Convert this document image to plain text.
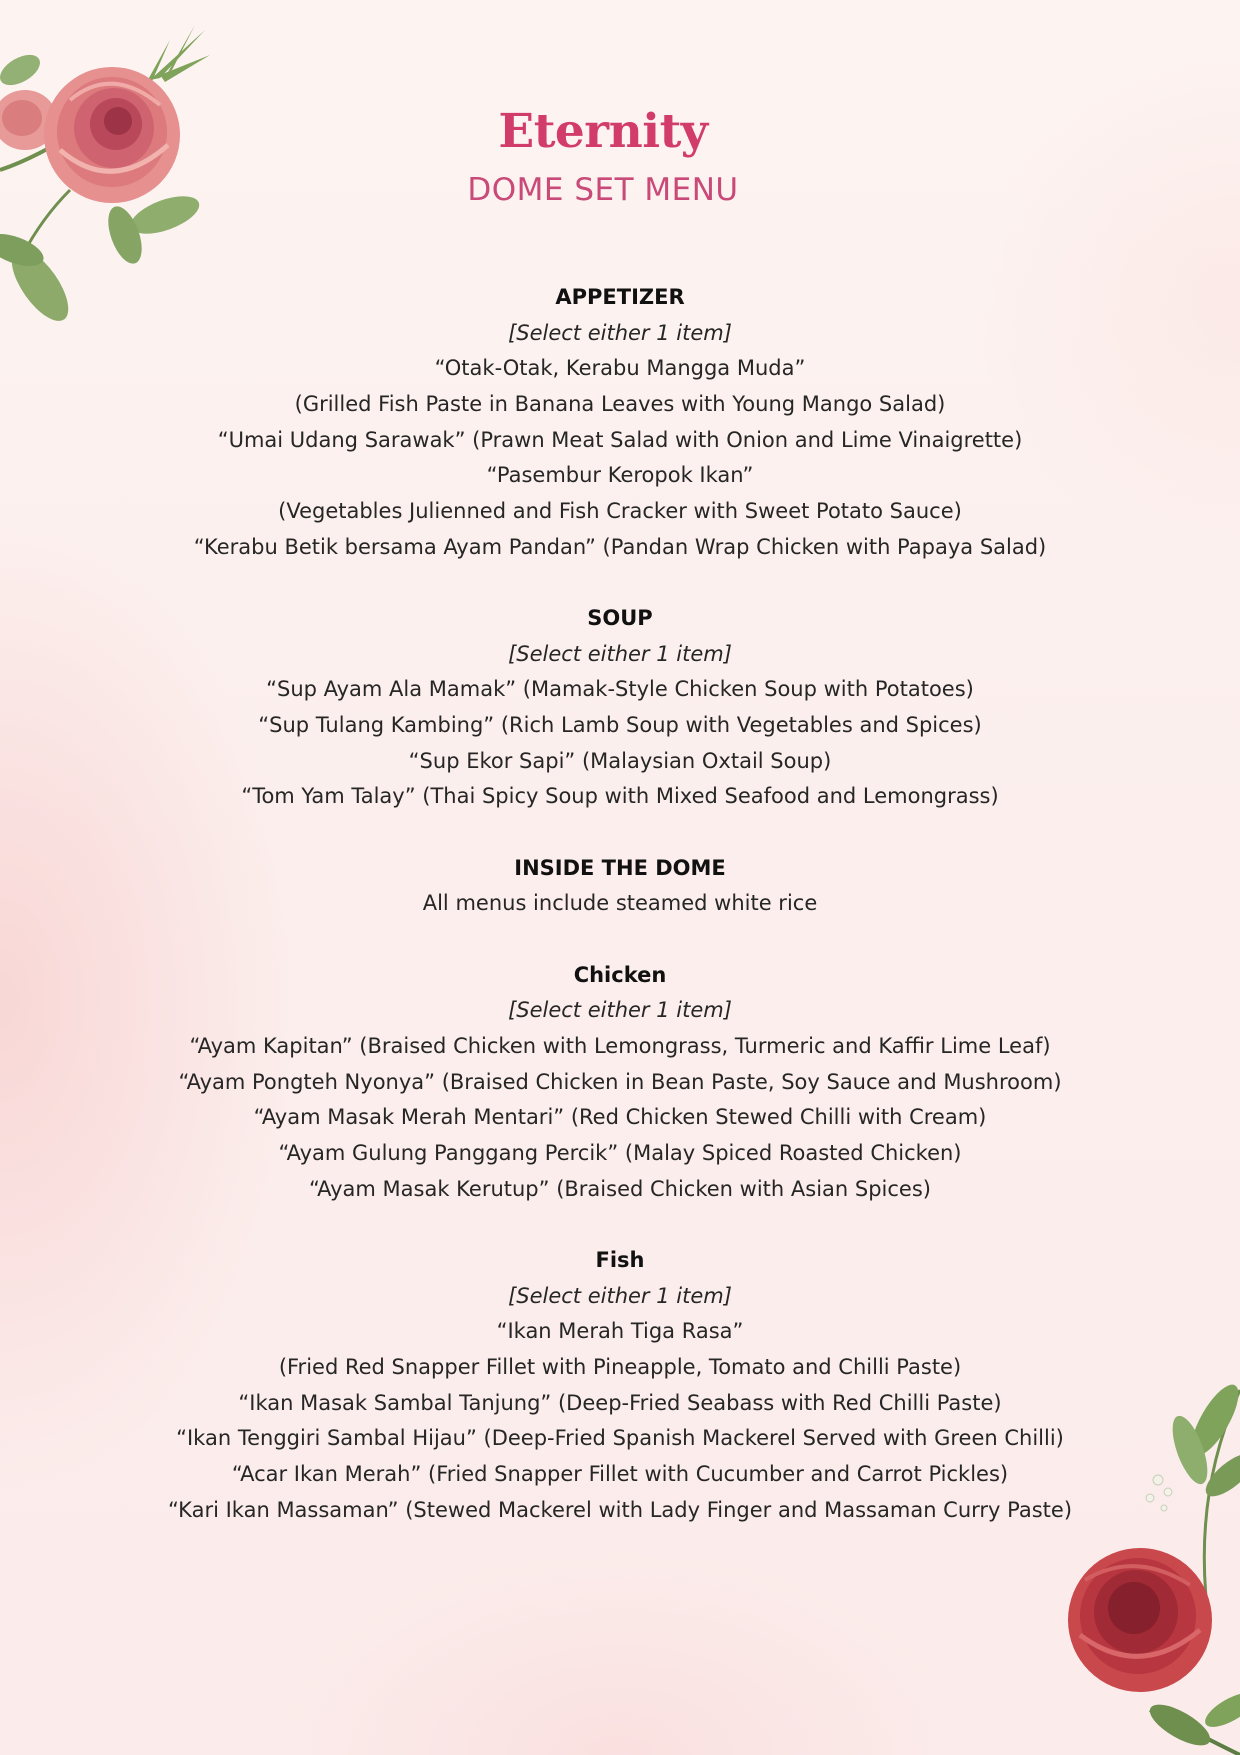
Eternity
DOME SET MENU
APPETIZER
[Select either 1 item]
“Otak-Otak, Kerabu Mangga Muda”
(Grilled Fish Paste in Banana Leaves with Young Mango Salad)
“Umai Udang Sarawak” (Prawn Meat Salad with Onion and Lime Vinaigrette)
“Pasembur Keropok Ikan”
(Vegetables Julienned and Fish Cracker with Sweet Potato Sauce)
“Kerabu Betik bersama Ayam Pandan” (Pandan Wrap Chicken with Papaya Salad)
SOUP
[Select either 1 item]
“Sup Ayam Ala Mamak” (Mamak-Style Chicken Soup with Potatoes)
“Sup Tulang Kambing” (Rich Lamb Soup with Vegetables and Spices)
“Sup Ekor Sapi” (Malaysian Oxtail Soup)
“Tom Yam Talay” (Thai Spicy Soup with Mixed Seafood and Lemongrass)
INSIDE THE DOME
All menus include steamed white rice
Chicken
[Select either 1 item]
“Ayam Kapitan” (Braised Chicken with Lemongrass, Turmeric and Kaffir Lime Leaf)
“Ayam Pongteh Nyonya” (Braised Chicken in Bean Paste, Soy Sauce and Mushroom)
“Ayam Masak Merah Mentari” (Red Chicken Stewed Chilli with Cream)
“Ayam Gulung Panggang Percik” (Malay Spiced Roasted Chicken)
“Ayam Masak Kerutup” (Braised Chicken with Asian Spices)
Fish
[Select either 1 item]
“Ikan Merah Tiga Rasa”
(Fried Red Snapper Fillet with Pineapple, Tomato and Chilli Paste)
“Ikan Masak Sambal Tanjung” (Deep-Fried Seabass with Red Chilli Paste)
“Ikan Tenggiri Sambal Hijau” (Deep-Fried Spanish Mackerel Served with Green Chilli)
“Acar Ikan Merah” (Fried Snapper Fillet with Cucumber and Carrot Pickles)
“Kari Ikan Massaman” (Stewed Mackerel with Lady Finger and Massaman Curry Paste)
